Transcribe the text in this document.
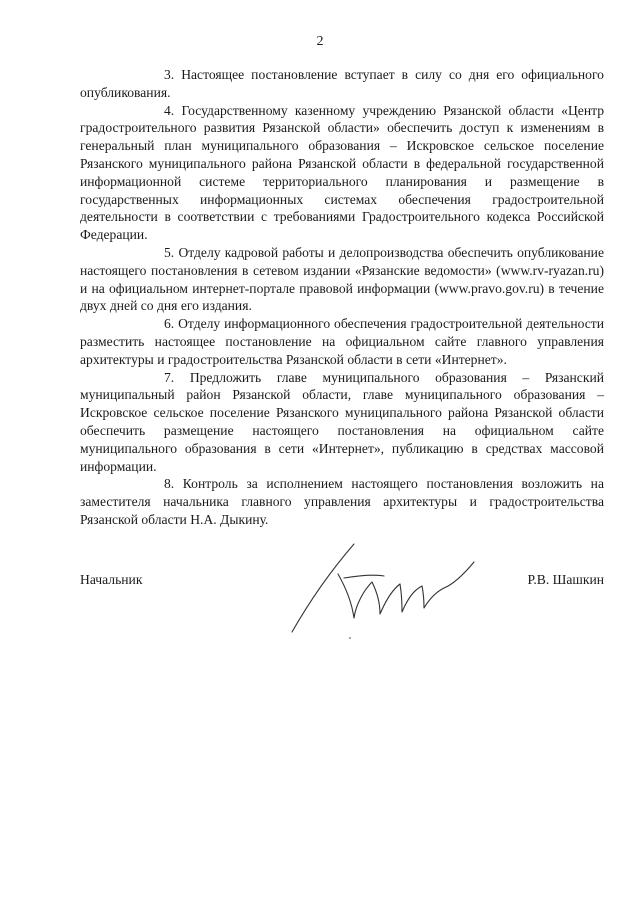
2

3. Настоящее постановление вступает в силу со дня его официального опубликования.

4. Государственному казенному учреждению Рязанской области «Центр градостроительного развития Рязанской области» обеспечить доступ к изменениям в генеральный план муниципального образования – Искровское сельское поселение Рязанского муниципального района Рязанской области в федеральной государственной информационной системе территориального планирования и размещение в государственных информационных системах обеспечения градостроительной деятельности в соответствии с требованиями Градостроительного кодекса Российской Федерации.

5. Отделу кадровой работы и делопроизводства обеспечить опубликование настоящего постановления в сетевом издании «Рязанские ведомости» (www.rv-ryazan.ru) и на официальном интернет-портале правовой информации (www.pravo.gov.ru) в течение двух дней со дня его издания.

6. Отделу информационного обеспечения градостроительной деятельности разместить настоящее постановление на официальном сайте главного управления архитектуры и градостроительства Рязанской области в сети «Интернет».

7. Предложить главе муниципального образования – Рязанский муниципальный район Рязанской области, главе муниципального образования – Искровское сельское поселение Рязанского муниципального района Рязанской области обеспечить размещение настоящего постановления на официальном сайте муниципального образования в сети «Интернет», публикацию в средствах массовой информации.

8. Контроль за исполнением настоящего постановления возложить на заместителя начальника главного управления архитектуры и градостроительства Рязанской области Н.А. Дыкину.

Начальник	Р.В. Шашкин
